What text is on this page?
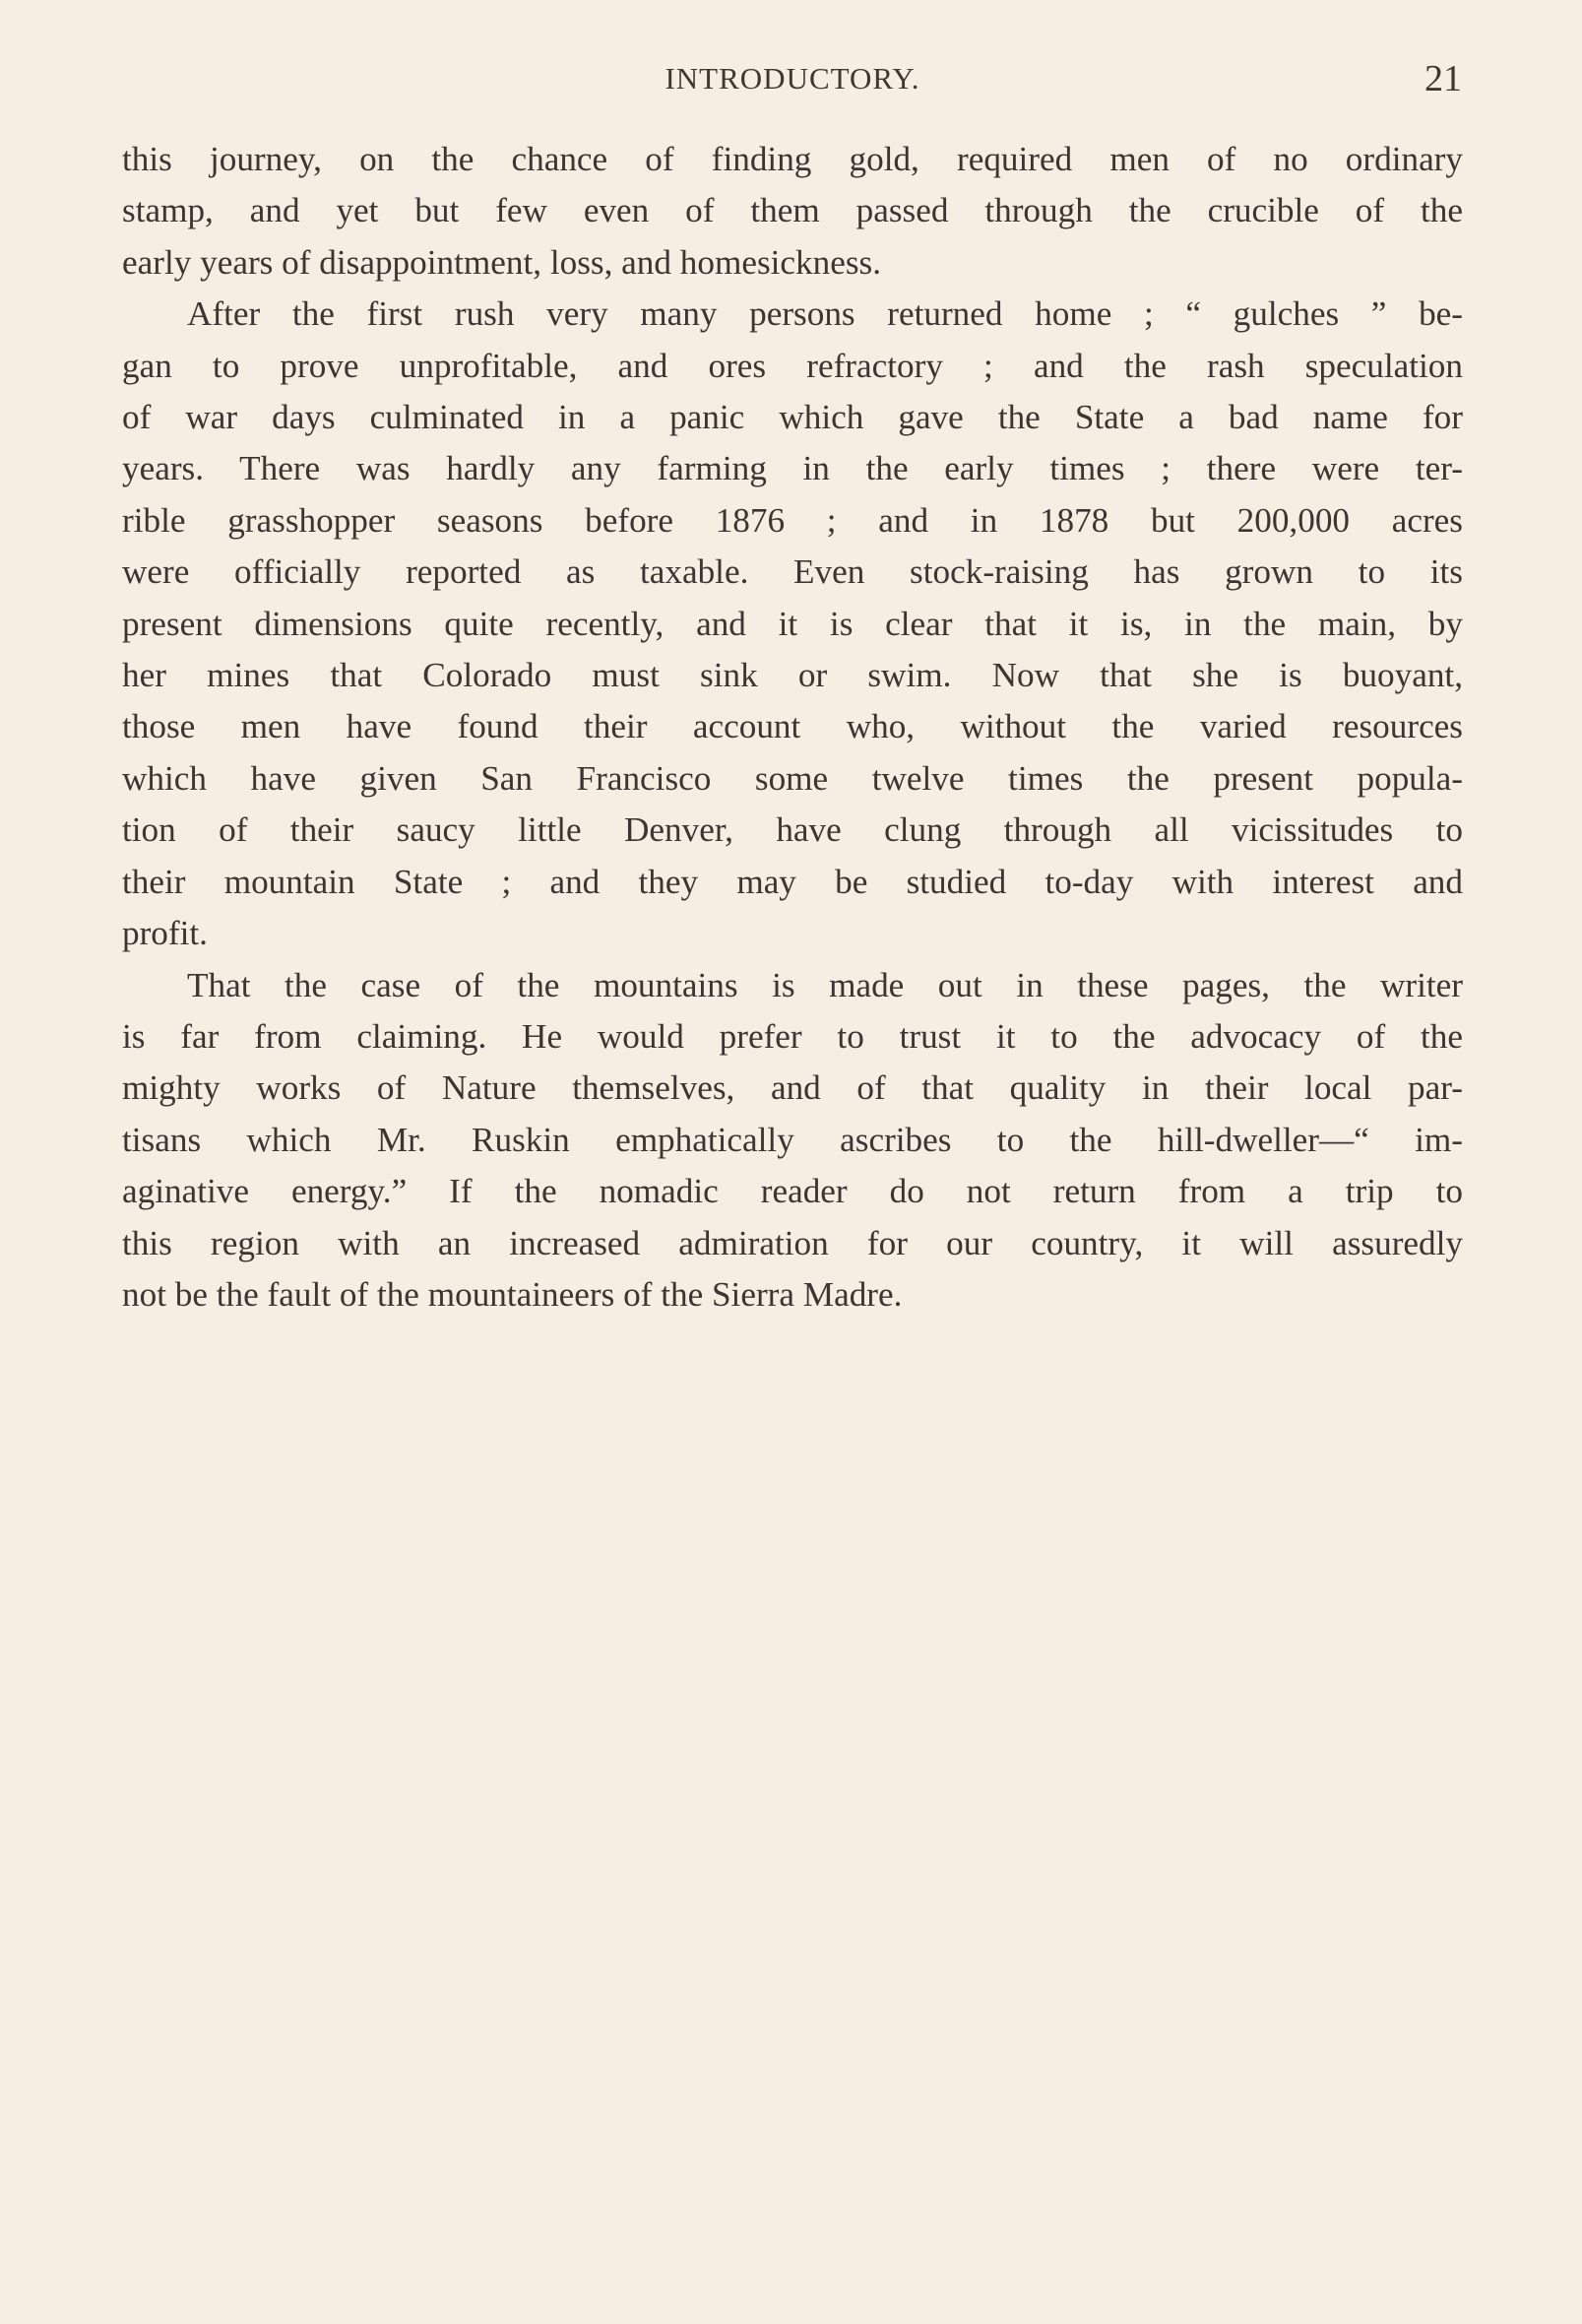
INTRODUCTORY.	21

this journey, on the chance of finding gold, required men of no ordinary
stamp, and yet but few even of them passed through the crucible of the
early years of disappointment, loss, and homesickness.

After the first rush very many persons returned home ; “ gulches ” be-
gan to prove unprofitable, and ores refractory ; and the rash speculation
of war days culminated in a panic which gave the State a bad name for
years. There was hardly any farming in the early times ; there were ter-
rible grasshopper seasons before 1876 ; and in 1878 but 200,000 acres
were officially reported as taxable. Even stock-raising has grown to its
present dimensions quite recently, and it is clear that it is, in the main, by
her mines that Colorado must sink or swim. Now that she is buoyant,
those men have found their account who, without the varied resources
which have given San Francisco some twelve times the present popula-
tion of their saucy little Denver, have clung through all vicissitudes to
their mountain State ; and they may be studied to-day with interest and
profit.

That the case of the mountains is made out in these pages, the writer
is far from claiming. He would prefer to trust it to the advocacy of the
mighty works of Nature themselves, and of that quality in their local par-
tisans which Mr. Ruskin emphatically ascribes to the hill-dweller—“ im-
aginative energy.” If the nomadic reader do not return from a trip to
this region with an increased admiration for our country, it will assuredly
not be the fault of the mountaineers of the Sierra Madre.
